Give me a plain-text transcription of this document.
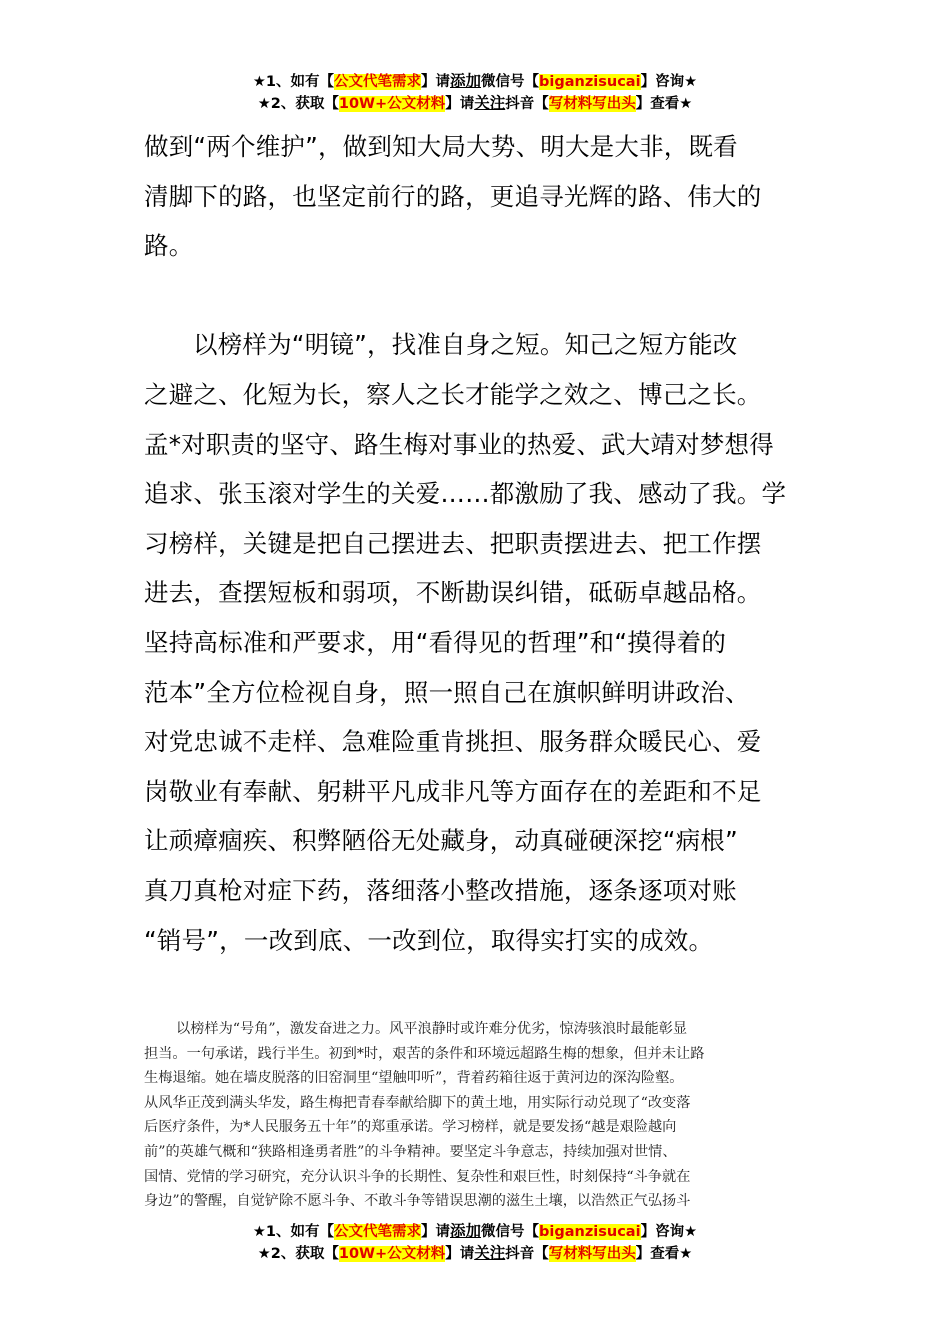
★1、如有【公文代笔需求】请添加微信号【biganzisucai】咨询★
★2、获取【10W+公文材料】请关注抖音【写材料写出头】查看★
做到“两个维护”，做到知大局大势、明大是大非，既看
清脚下的路，也坚定前行的路，更追寻光辉的路、伟大的
路。
以榜样为“明镜”，找准自身之短。知己之短方能改
之避之、化短为长，察人之长才能学之效之、博己之长。
孟*对职责的坚守、路生梅对事业的热爱、武大靖对梦想得
追求、张玉滚对学生的关爱……都激励了我、感动了我。学
习榜样，关键是把自己摆进去、把职责摆进去、把工作摆
进去，查摆短板和弱项，不断勘误纠错，砥砺卓越品格。
坚持高标准和严要求，用“看得见的哲理”和“摸得着的
范本”全方位检视自身，照一照自己在旗帜鲜明讲政治、
对党忠诚不走样、急难险重肯挑担、服务群众暖民心、爱
岗敬业有奉献、躬耕平凡成非凡等方面存在的差距和不足
让顽瘴痼疾、积弊陋俗无处藏身，动真碰硬深挖“病根”
真刀真枪对症下药，落细落小整改措施，逐条逐项对账
“销号”，一改到底、一改到位，取得实打实的成效。
以榜样为“号角”，激发奋进之力。风平浪静时或许难分优劣，惊涛骇浪时最能彰显
担当。一句承诺，践行半生。初到*时，艰苦的条件和环境远超路生梅的想象，但并未让路
生梅退缩。她在墙皮脱落的旧窑洞里“望触叩听”，背着药箱往返于黄河边的深沟险壑。
从风华正茂到满头华发，路生梅把青春奉献给脚下的黄土地，用实际行动兑现了“改变落
后医疗条件，为*人民服务五十年”的郑重承诺。学习榜样，就是要发扬“越是艰险越向
前”的英雄气概和“狭路相逢勇者胜”的斗争精神。要坚定斗争意志，持续加强对世情、
国情、党情的学习研究，充分认识斗争的长期性、复杂性和艰巨性，时刻保持“斗争就在
身边”的警醒，自觉铲除不愿斗争、不敢斗争等错误思潮的滋生土壤，以浩然正气弘扬斗
★1、如有【公文代笔需求】请添加微信号【biganzisucai】咨询★
★2、获取【10W+公文材料】请关注抖音【写材料写出头】查看★
